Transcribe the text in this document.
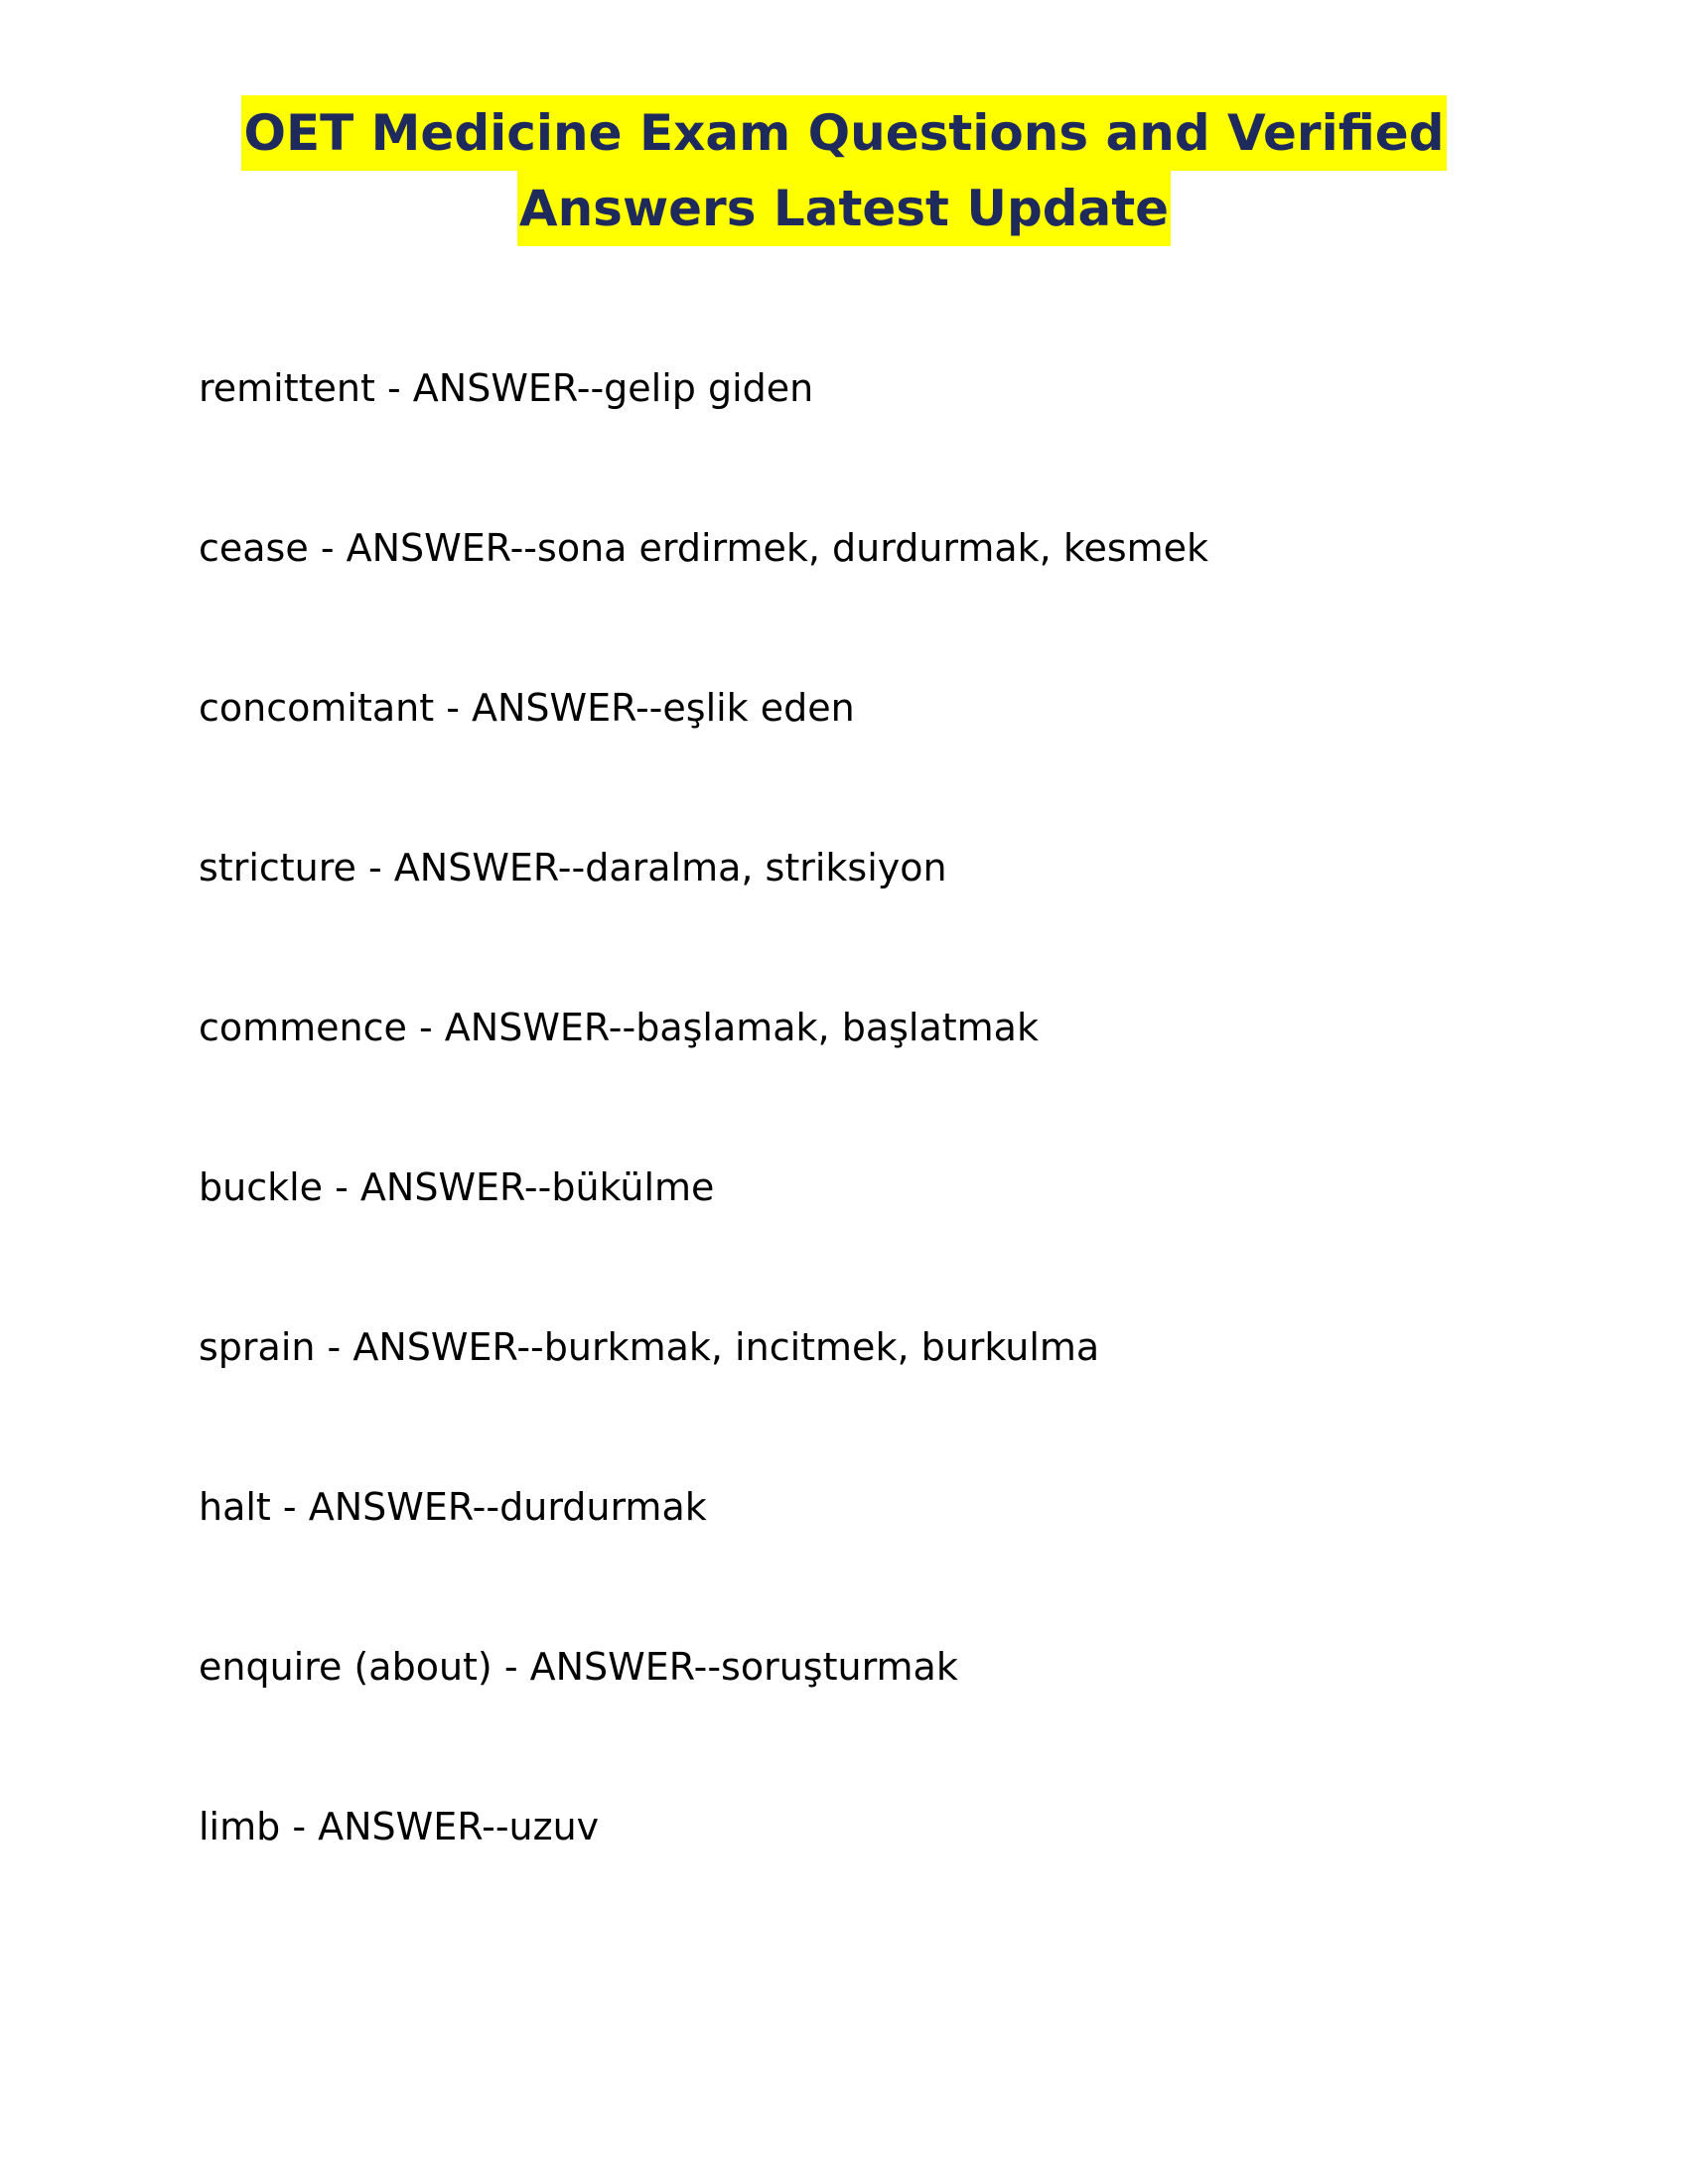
OET Medicine Exam Questions and Verified
Answers Latest Update
remittent - ANSWER--gelip giden
cease - ANSWER--sona erdirmek, durdurmak, kesmek
concomitant - ANSWER--eşlik eden
stricture - ANSWER--daralma, striksiyon
commence - ANSWER--başlamak, başlatmak
buckle - ANSWER--bükülme
sprain - ANSWER--burkmak, incitmek, burkulma
halt - ANSWER--durdurmak
enquire (about) - ANSWER--soruşturmak
limb - ANSWER--uzuv
